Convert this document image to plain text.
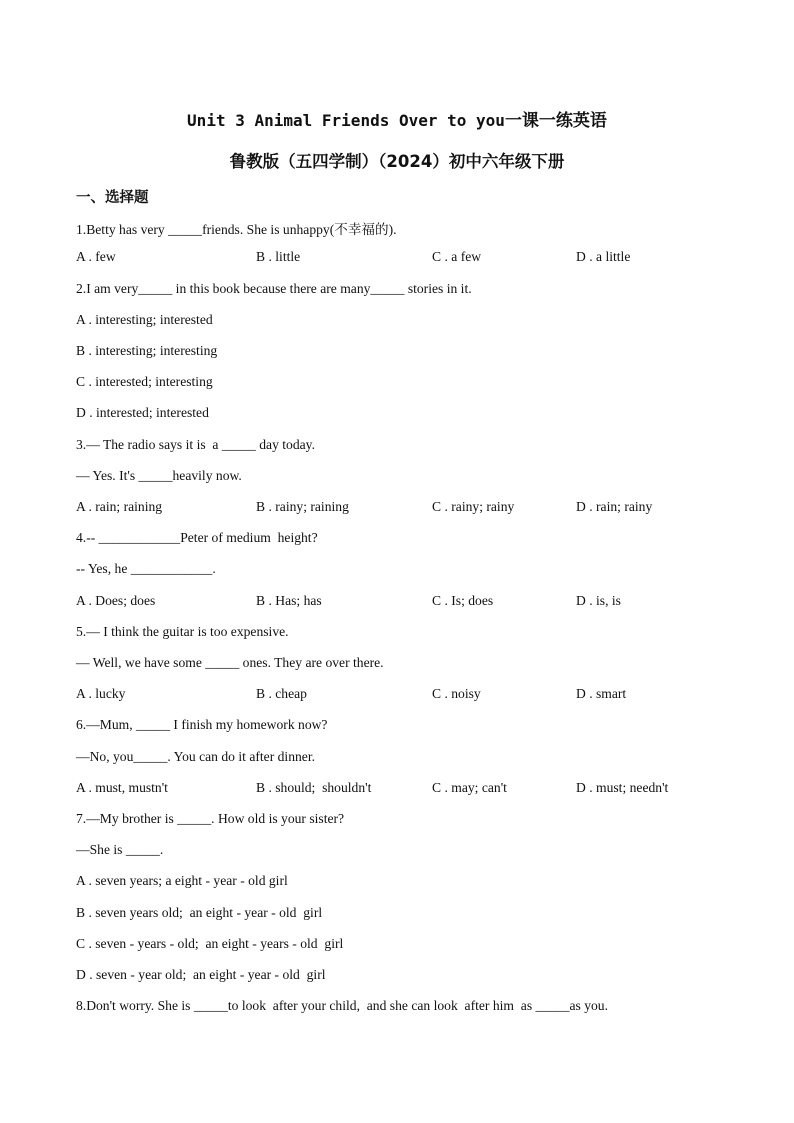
Unit 3 Animal Friends Over to you一课一练英语
鲁教版（五四学制）（2024）初中六年级下册
一、选择题
1.Betty has very _____friends. She is unhappy(不幸福的).
A . few	B . little	C . a few	D . a little
2.I am very_____ in this book because there are many_____ stories in it.
A . interesting; interested
B . interesting; interesting
C . interested; interesting
D . interested; interested
3.— The radio says it is  a _____ day today.
— Yes. It's _____heavily now.
A . rain; raining	B . rainy; raining	C . rainy; rainy	D . rain; rainy
4.-- ____________Peter of medium  height?
-- Yes, he ____________.
A . Does; does	B . Has; has	C . Is; does	D . is, is
5.— I think the guitar is too expensive.
— Well, we have some _____ ones. They are over there.
A . lucky	B . cheap	C . noisy	D . smart
6.—Mum, _____ I finish my homework now?
—No, you_____. You can do it after dinner.
A . must, mustn't	B . should;  shouldn't	C . may; can't	D . must; needn't
7.—My brother is _____. How old is your sister?
—She is _____.
A . seven years; a eight - year - old girl
B . seven years old;  an eight - year - old  girl
C . seven - years - old;  an eight - years - old  girl
D . seven - year old;  an eight - year - old  girl
8.Don't worry. She is _____to look  after your child,  and she can look  after him  as _____as you.
